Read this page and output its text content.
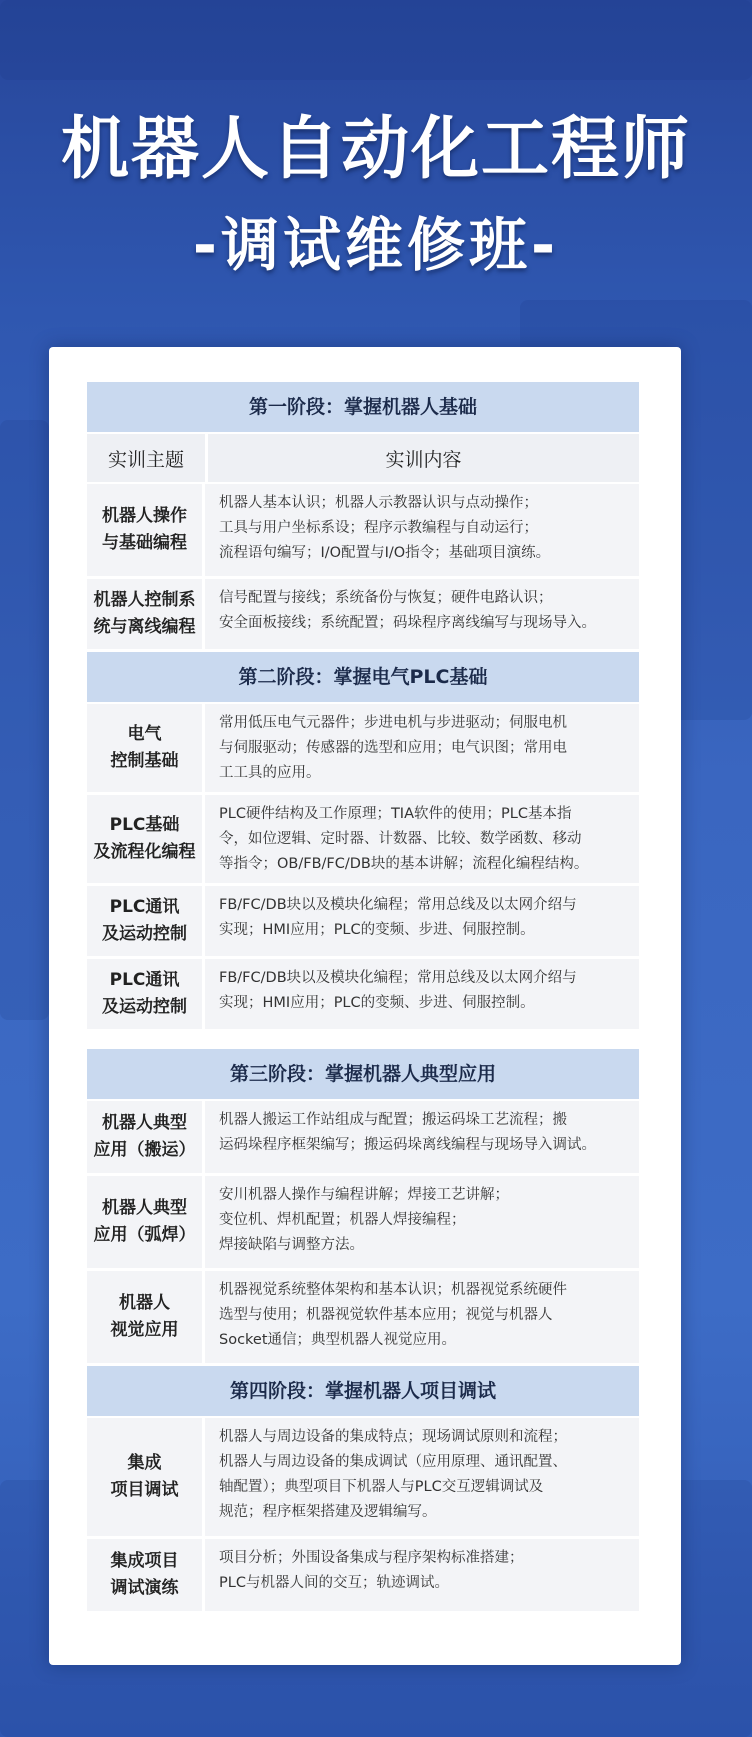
机器人自动化工程师
-调试维修班-
第一阶段：掌握机器人基础
实训主题	实训内容
机器人操作
与基础编程
机器人基本认识；机器人示教器认识与点动操作；
工具与用户坐标系设；程序示教编程与自动运行；
流程语句编写；I/O配置与I/O指令；基础项目演练。
机器人控制系
统与离线编程
信号配置与接线；系统备份与恢复；硬件电路认识；
安全面板接线；系统配置；码垛程序离线编写与现场导入。
第二阶段：掌握电气PLC基础
电气
控制基础
常用低压电气元器件；步进电机与步进驱动；伺服电机
与伺服驱动；传感器的选型和应用；电气识图；常用电
工工具的应用。
PLC基础
及流程化编程
PLC硬件结构及工作原理；TIA软件的使用；PLC基本指
令，如位逻辑、定时器、计数器、比较、数学函数、移动
等指令；OB/FB/FC/DB块的基本讲解；流程化编程结构。
PLC通讯
及运动控制
FB/FC/DB块以及模块化编程；常用总线及以太网介绍与
实现；HMI应用；PLC的变频、步进、伺服控制。
PLC通讯
及运动控制
FB/FC/DB块以及模块化编程；常用总线及以太网介绍与
实现；HMI应用；PLC的变频、步进、伺服控制。
第三阶段：掌握机器人典型应用
机器人典型
应用（搬运）
机器人搬运工作站组成与配置；搬运码垛工艺流程；搬
运码垛程序框架编写；搬运码垛离线编程与现场导入调试。
机器人典型
应用（弧焊）
安川机器人操作与编程讲解；焊接工艺讲解；
变位机、焊机配置；机器人焊接编程；
焊接缺陷与调整方法。
机器人
视觉应用
机器视觉系统整体架构和基本认识；机器视觉系统硬件
选型与使用；机器视觉软件基本应用；视觉与机器人
Socket通信；典型机器人视觉应用。
第四阶段：掌握机器人项目调试
集成
项目调试
机器人与周边设备的集成特点；现场调试原则和流程；
机器人与周边设备的集成调试（应用原理、通讯配置、
轴配置）；典型项目下机器人与PLC交互逻辑调试及
规范；程序框架搭建及逻辑编写。
集成项目
调试演练
项目分析；外围设备集成与程序架构标准搭建；
PLC与机器人间的交互；轨迹调试。
